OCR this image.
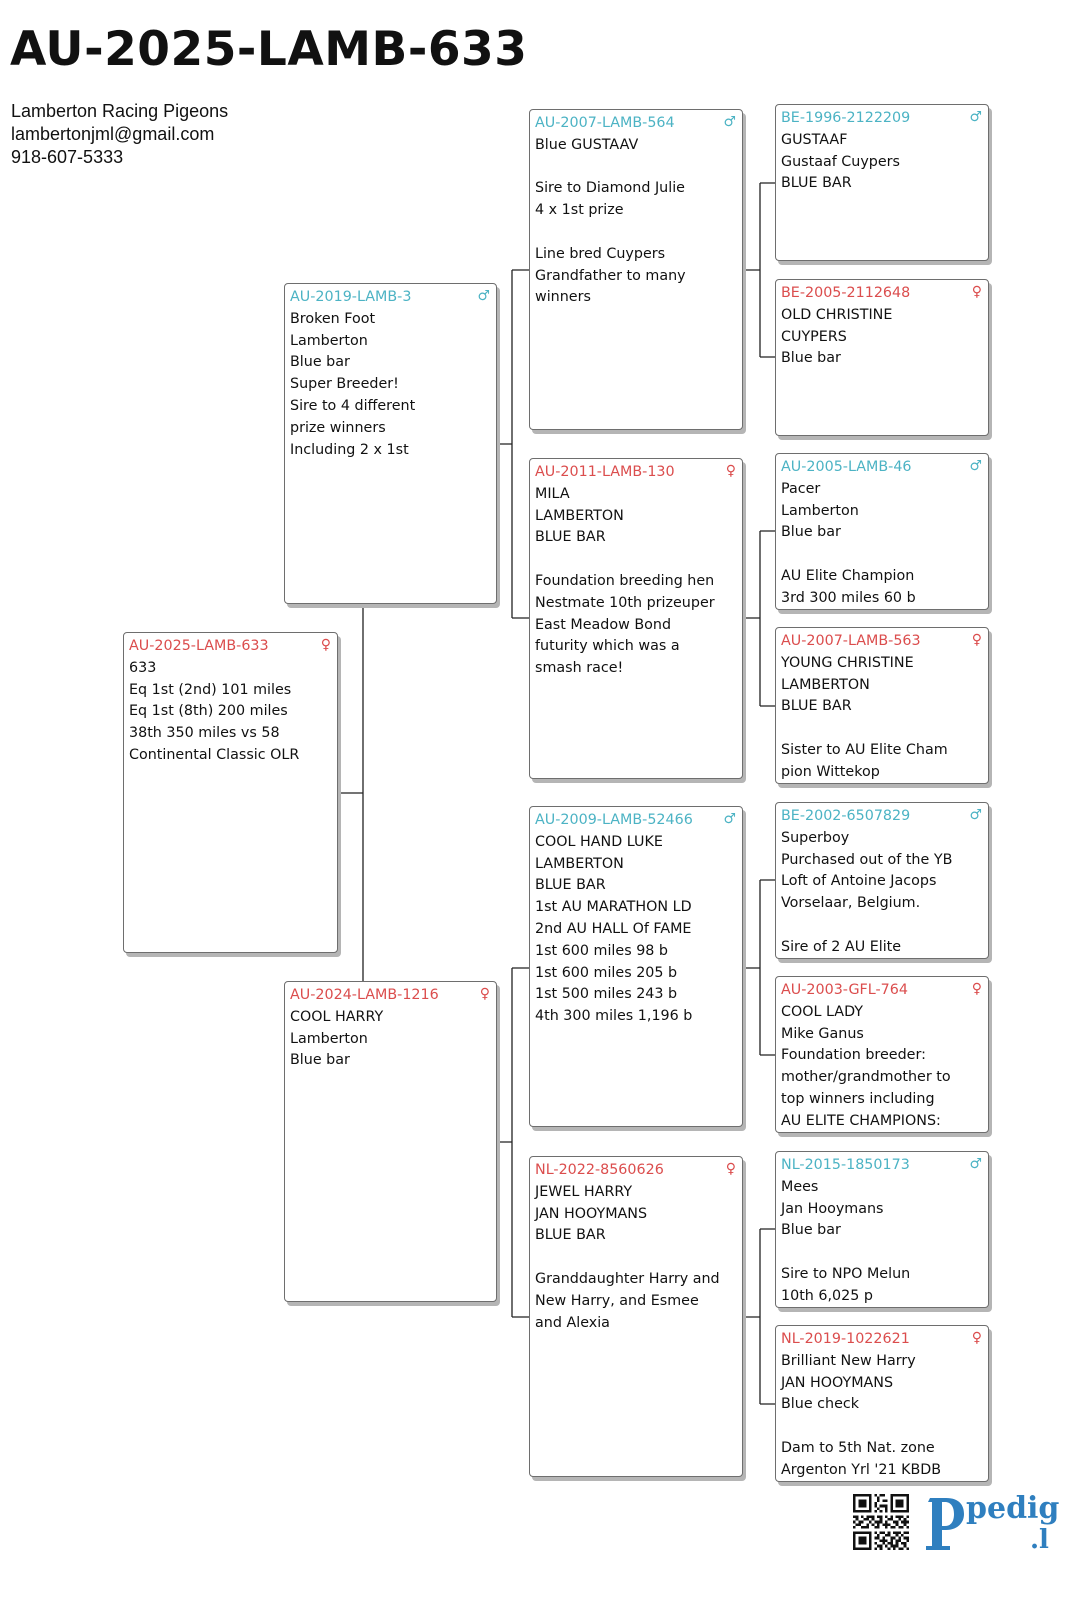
AU-2025-LAMB-633
Lamberton Racing Pigeons
lambertonjml@gmail.com
918-607-5333
AU-2025-LAMB-633	♀
633
Eq 1st (2nd) 101 miles
Eq 1st (8th) 200 miles
38th 350 miles vs 58
Continental Classic OLR
AU-2019-LAMB-3	♂
Broken Foot
Lamberton
Blue bar
Super Breeder!
Sire to 4 different
prize winners
Including 2 x 1st
AU-2024-LAMB-1216	♀
COOL HARRY
Lamberton
Blue bar
AU-2007-LAMB-564	♂
Blue GUSTAAV
Sire to Diamond Julie
4 x 1st prize
Line bred Cuypers
Grandfather to many
winners
AU-2011-LAMB-130	♀
MILA
LAMBERTON
BLUE BAR
Foundation breeding hen
Nestmate 10th prizeuper
East Meadow Bond
futurity which was a
smash race!
AU-2009-LAMB-52466	♂
COOL HAND LUKE
LAMBERTON
BLUE BAR
1st AU MARATHON LD
2nd AU HALL Of FAME
1st 600 miles 98 b
1st 600 miles 205 b
1st 500 miles 243 b
4th 300 miles 1,196 b
NL-2022-8560626	♀
JEWEL HARRY
JAN HOOYMANS
BLUE BAR
Granddaughter Harry and
New Harry, and Esmee
and Alexia
BE-1996-2122209	♂
GUSTAAF
Gustaaf Cuypers
BLUE BAR
BE-2005-2112648	♀
OLD CHRISTINE
CUYPERS
Blue bar
AU-2005-LAMB-46	♂
Pacer
Lamberton
Blue bar
AU Elite Champion
3rd 300 miles 60 b
AU-2007-LAMB-563	♀
YOUNG CHRISTINE
LAMBERTON
BLUE BAR
Sister to AU Elite Cham
pion Wittekop
BE-2002-6507829	♂
Superboy
Purchased out of the YB
Loft of Antoine Jacops
Vorselaar, Belgium.
Sire of 2 AU Elite
AU-2003-GFL-764	♀
COOL LADY
Mike Ganus
Foundation breeder:
mother/grandmother to
top winners including
AU ELITE CHAMPIONS:
NL-2015-1850173	♂
Mees
Jan Hooymans
Blue bar
Sire to NPO Melun
10th 6,025 p
NL-2019-1022621	♀
Brilliant New Harry
JAN HOOYMANS
Blue check
Dam to 5th Nat. zone
Argenton Yrl '21 KBDB
pedig
.l
